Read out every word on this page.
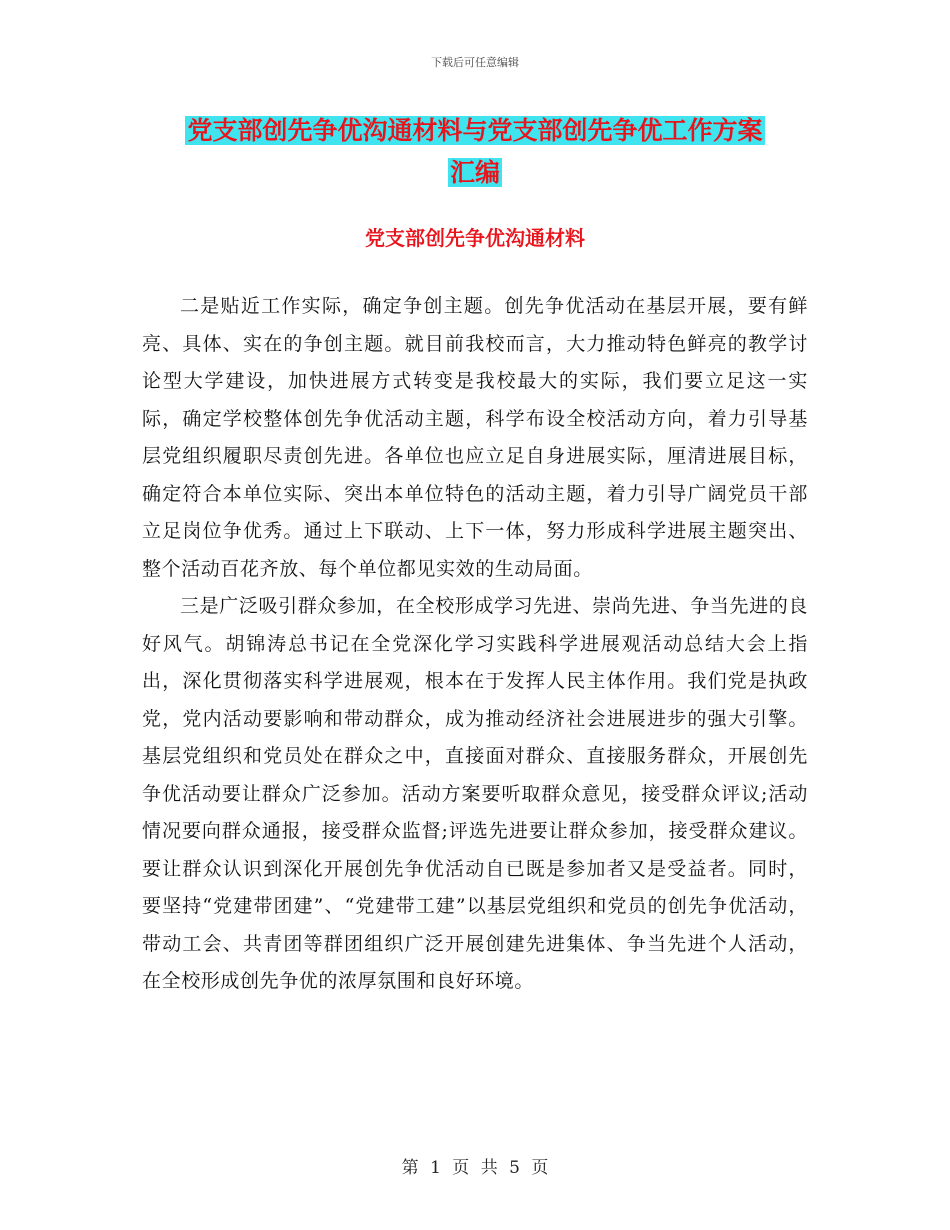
下载后可任意编辑
党支部创先争优沟通材料与党支部创先争优工作方案
汇编
党支部创先争优沟通材料

二是贴近工作实际，确定争创主题。创先争优活动在基层开展，要有鲜亮、具体、实在的争创主题。就目前我校而言，大力推动特色鲜亮的教学讨论型大学建设，加快进展方式转变是我校最大的实际，我们要立足这一实际，确定学校整体创先争优活动主题，科学布设全校活动方向，着力引导基层党组织履职尽责创先进。各单位也应立足自身进展实际，厘清进展目标，确定符合本单位实际、突出本单位特色的活动主题，着力引导广阔党员干部立足岗位争优秀。通过上下联动、上下一体，努力形成科学进展主题突出、整个活动百花齐放、每个单位都见实效的生动局面。

三是广泛吸引群众参加，在全校形成学习先进、崇尚先进、争当先进的良好风气。胡锦涛总书记在全党深化学习实践科学进展观活动总结大会上指出，深化贯彻落实科学进展观，根本在于发挥人民主体作用。我们党是执政党，党内活动要影响和带动群众，成为推动经济社会进展进步的强大引擎。基层党组织和党员处在群众之中，直接面对群众、直接服务群众，开展创先争优活动要让群众广泛参加。活动方案要听取群众意见，接受群众评议;活动情况要向群众通报，接受群众监督;评选先进要让群众参加，接受群众建议。要让群众认识到深化开展创先争优活动自已既是参加者又是受益者。同时，要坚持“党建带团建”、“党建带工建”以基层党组织和党员的创先争优活动，带动工会、共青团等群团组织广泛开展创建先进集体、争当先进个人活动，在全校形成创先争优的浓厚氛围和良好环境。

第 1 页 共 5 页
